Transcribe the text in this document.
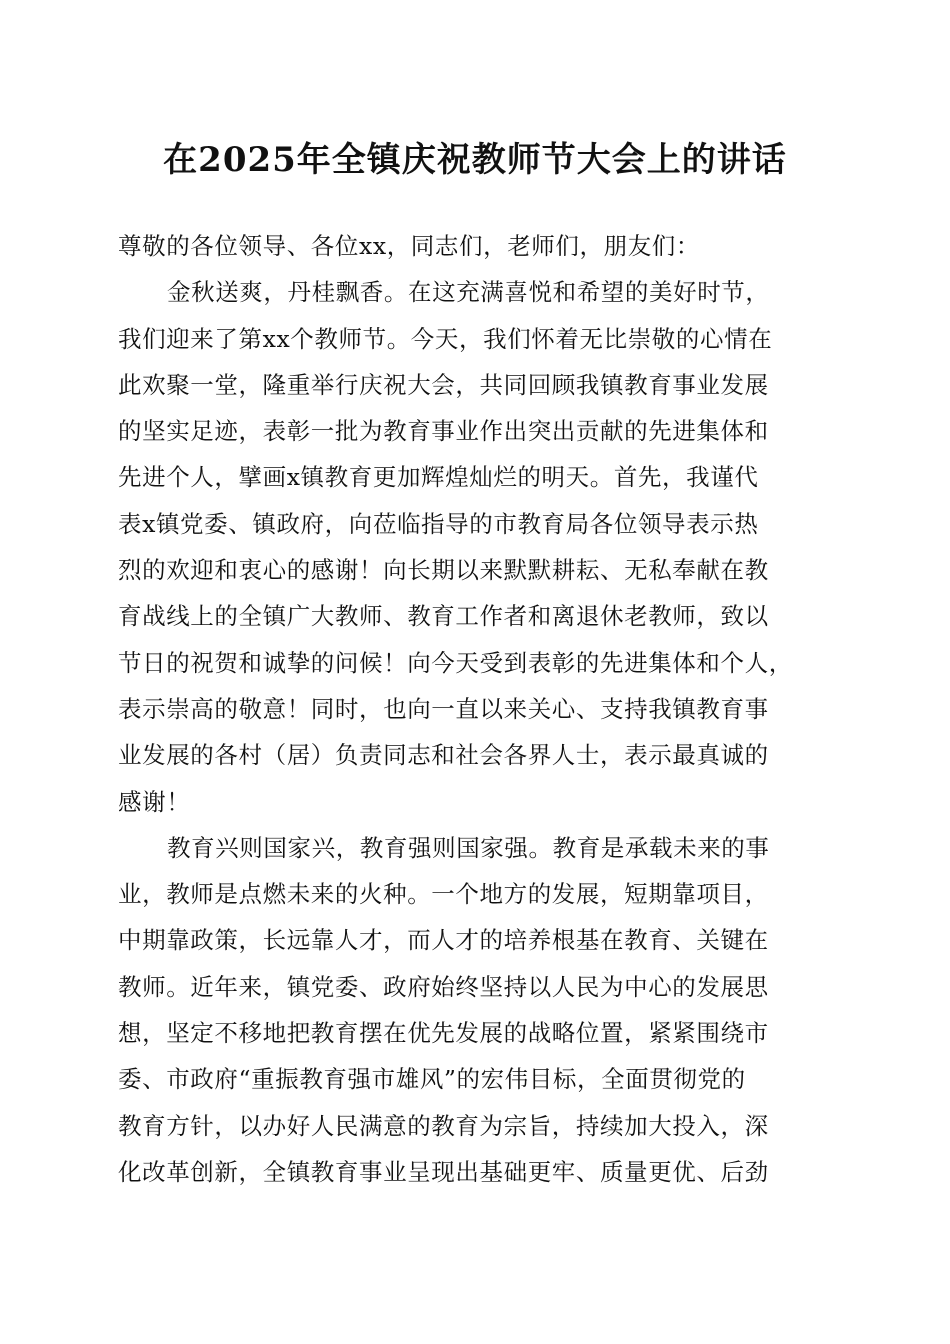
在2025年全镇庆祝教师节大会上的讲话
尊敬的各位领导、各位xx，同志们，老师们，朋友们：
金秋送爽，丹桂飘香。在这充满喜悦和希望的美好时节，
我们迎来了第xx个教师节。今天，我们怀着无比崇敬的心情在
此欢聚一堂，隆重举行庆祝大会，共同回顾我镇教育事业发展
的坚实足迹，表彰一批为教育事业作出突出贡献的先进集体和
先进个人，擘画x镇教育更加辉煌灿烂的明天。首先，我谨代
表x镇党委、镇政府，向莅临指导的市教育局各位领导表示热
烈的欢迎和衷心的感谢！向长期以来默默耕耘、无私奉献在教
育战线上的全镇广大教师、教育工作者和离退休老教师，致以
节日的祝贺和诚挚的问候！向今天受到表彰的先进集体和个人，
表示崇高的敬意！同时，也向一直以来关心、支持我镇教育事
业发展的各村（居）负责同志和社会各界人士，表示最真诚的
感谢！
教育兴则国家兴，教育强则国家强。教育是承载未来的事
业，教师是点燃未来的火种。一个地方的发展，短期靠项目，
中期靠政策，长远靠人才，而人才的培养根基在教育、关键在
教师。近年来，镇党委、政府始终坚持以人民为中心的发展思
想，坚定不移地把教育摆在优先发展的战略位置，紧紧围绕市
委、市政府“重振教育强市雄风”的宏伟目标，全面贯彻党的
教育方针，以办好人民满意的教育为宗旨，持续加大投入，深
化改革创新，全镇教育事业呈现出基础更牢、质量更优、后劲
